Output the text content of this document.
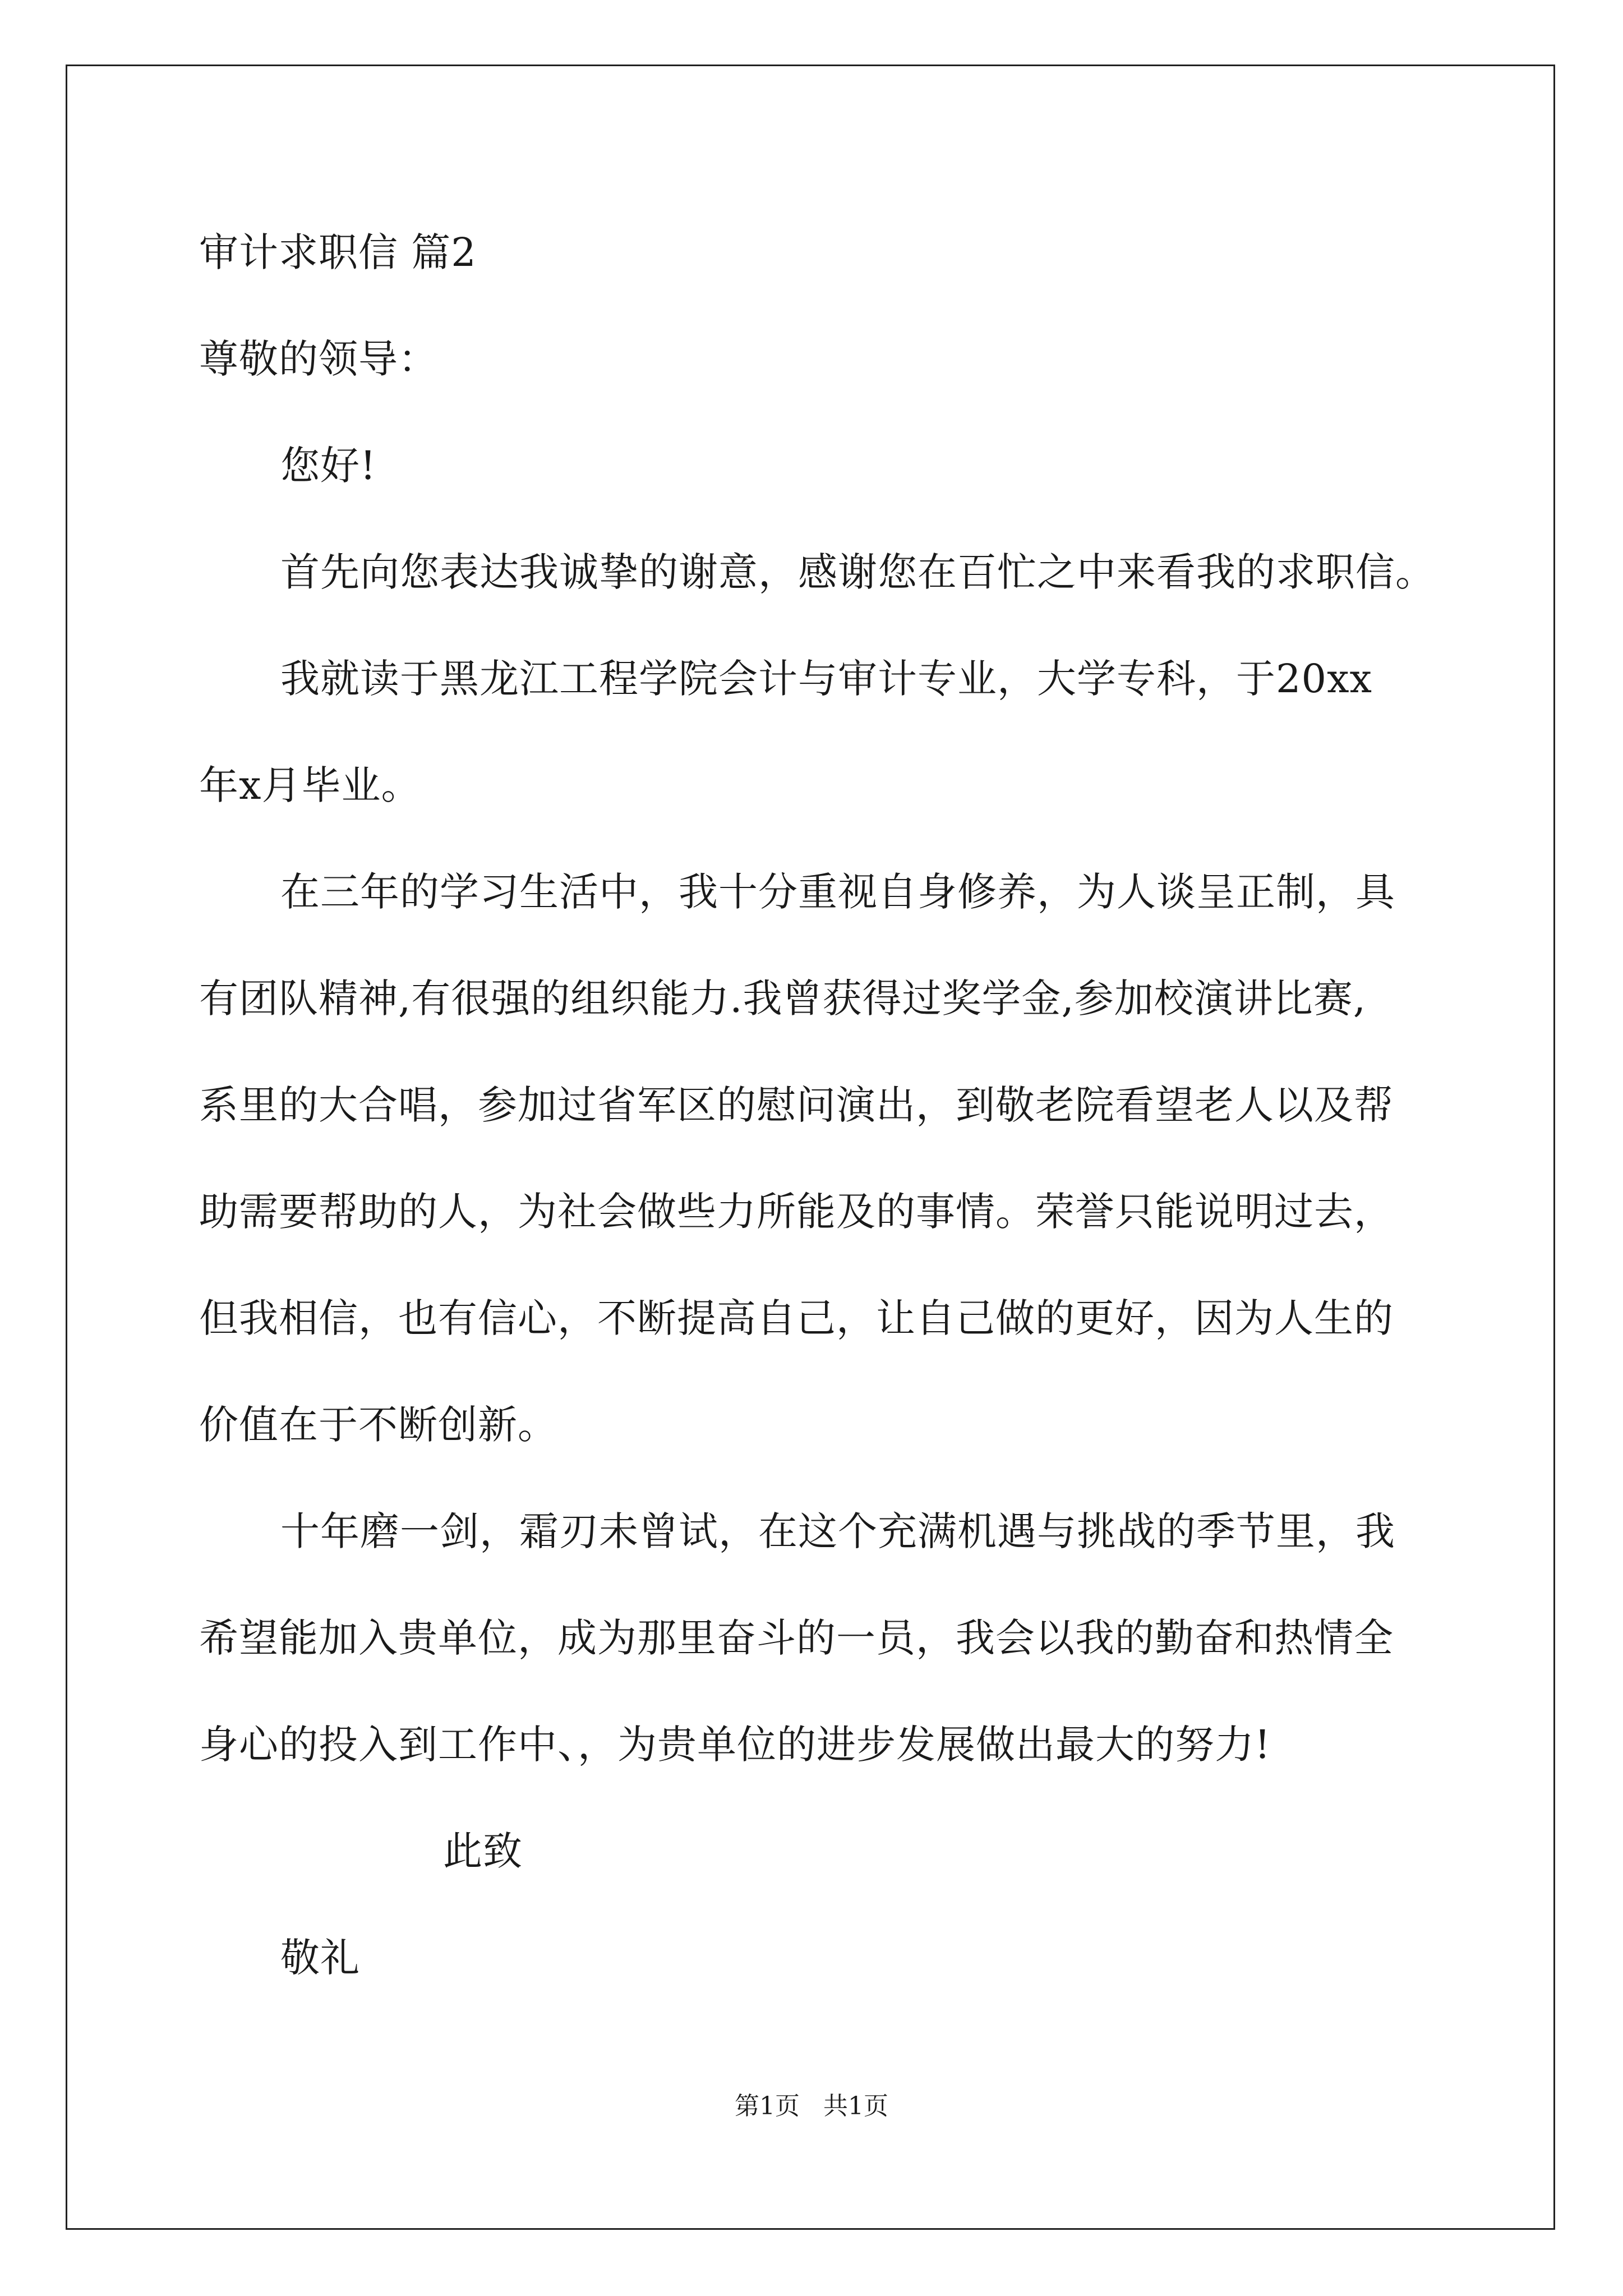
审计求职信 篇2
尊敬的领导：
您好!
首先向您表达我诚挚的谢意，感谢您在百忙之中来看我的求职信。
我就读于黑龙江工程学院会计与审计专业，大学专科，于20xx
年x月毕业。
在三年的学习生活中，我十分重视自身修养，为人谈呈正制，具
有团队精神,有很强的组织能力.我曾获得过奖学金,参加校演讲比赛,
系里的大合唱，参加过省军区的慰问演出，到敬老院看望老人以及帮
助需要帮助的人，为社会做些力所能及的事情。荣誉只能说明过去，
但我相信，也有信心，不断提高自己，让自己做的更好，因为人生的
价值在于不断创新。
十年磨一剑，霜刃未曾试，在这个充满机遇与挑战的季节里，我
希望能加入贵单位，成为那里奋斗的一员，我会以我的勤奋和热情全
身心的投入到工作中、，为贵单位的进步发展做出最大的努力!
此致
敬礼
第1页   共1页
